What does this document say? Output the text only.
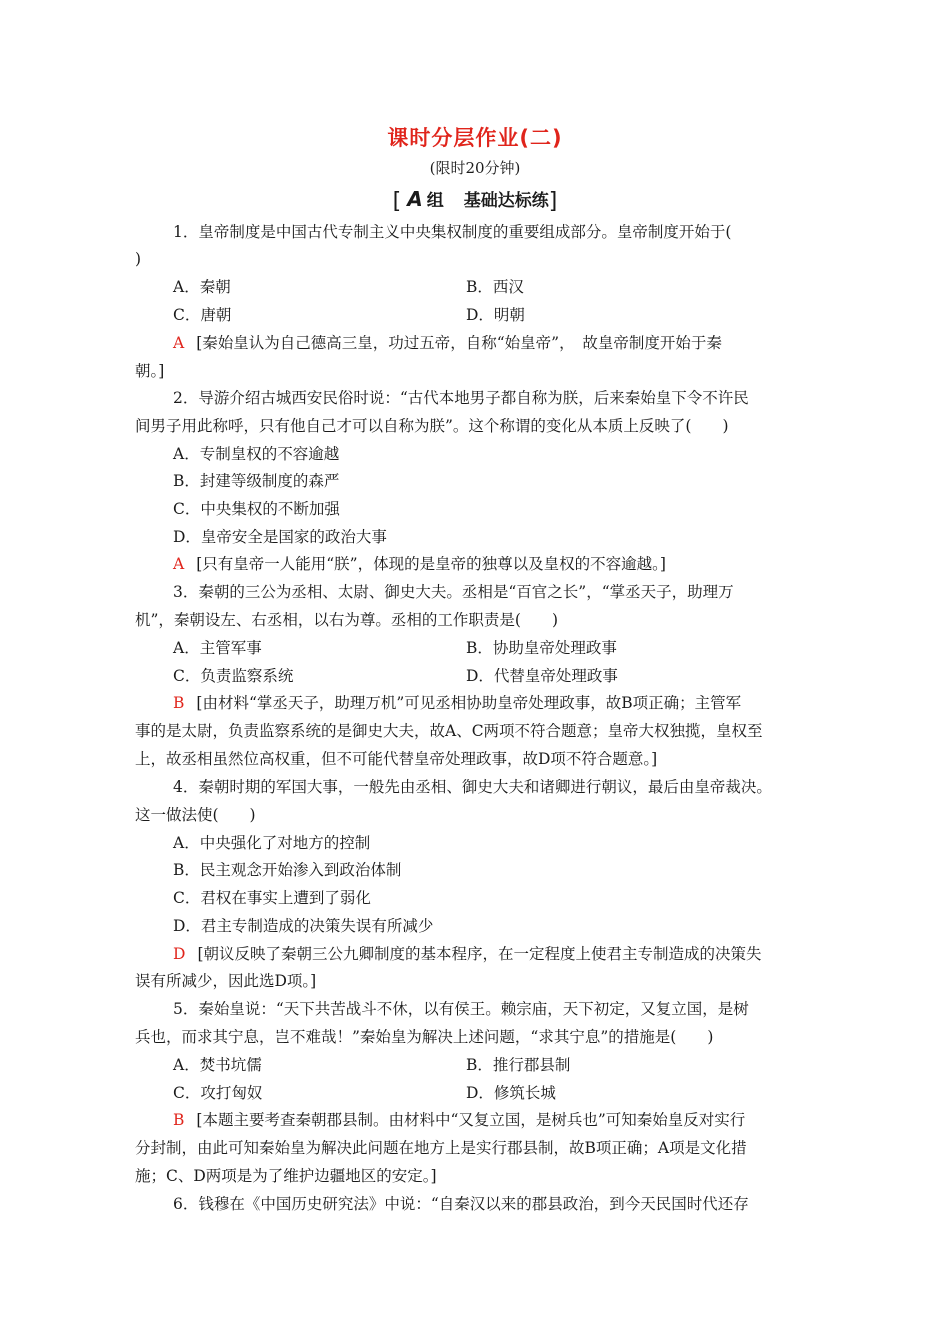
课时分层作业(二)
(限时20分钟)
[ A 组 基础达标练]
1．皇帝制度是中国古代专制主义中央集权制度的重要组成部分。皇帝制度开始于(
)
A．秦朝	B．西汉
C．唐朝	D．明朝
A [秦始皇认为自己德高三皇，功过五帝，自称“始皇帝”，　故皇帝制度开始于秦
朝。]
2．导游介绍古城西安民俗时说：“古代本地男子都自称为朕，后来秦始皇下令不许民
间男子用此称呼，只有他自己才可以自称为朕”。这个称谓的变化从本质上反映了(　　)
A．专制皇权的不容逾越
B．封建等级制度的森严
C．中央集权的不断加强
D．皇帝安全是国家的政治大事
A [只有皇帝一人能用“朕”，体现的是皇帝的独尊以及皇权的不容逾越。]
3．秦朝的三公为丞相、太尉、御史大夫。丞相是“百官之长”，“掌丞天子，助理万
机”，秦朝设左、右丞相，以右为尊。丞相的工作职责是(　　)
A．主管军事	B．协助皇帝处理政事
C．负责监察系统	D．代替皇帝处理政事
B [由材料“掌丞天子，助理万机”可见丞相协助皇帝处理政事，故B项正确；主管军
事的是太尉，负责监察系统的是御史大夫，故A、C两项不符合题意；皇帝大权独揽，皇权至
上，故丞相虽然位高权重，但不可能代替皇帝处理政事，故D项不符合题意。]
4．秦朝时期的军国大事，一般先由丞相、御史大夫和诸卿进行朝议，最后由皇帝裁决。
这一做法使(　　)
A．中央强化了对地方的控制
B．民主观念开始渗入到政治体制
C．君权在事实上遭到了弱化
D．君主专制造成的决策失误有所减少
D [朝议反映了秦朝三公九卿制度的基本程序，在一定程度上使君主专制造成的决策失
误有所减少，因此选D项。]
5．秦始皇说：“天下共苦战斗不休，以有侯王。赖宗庙，天下初定，又复立国，是树
兵也，而求其宁息，岂不难哉！”秦始皇为解决上述问题，“求其宁息”的措施是(　　)
A．焚书坑儒	B．推行郡县制
C．攻打匈奴	D．修筑长城
B [本题主要考查秦朝郡县制。由材料中“又复立国，是树兵也”可知秦始皇反对实行
分封制，由此可知秦始皇为解决此问题在地方上是实行郡县制，故B项正确；A项是文化措
施；C、D两项是为了维护边疆地区的安定。]
6．钱穆在《中国历史研究法》中说：“自秦汉以来的郡县政治，到今天民国时代还存
